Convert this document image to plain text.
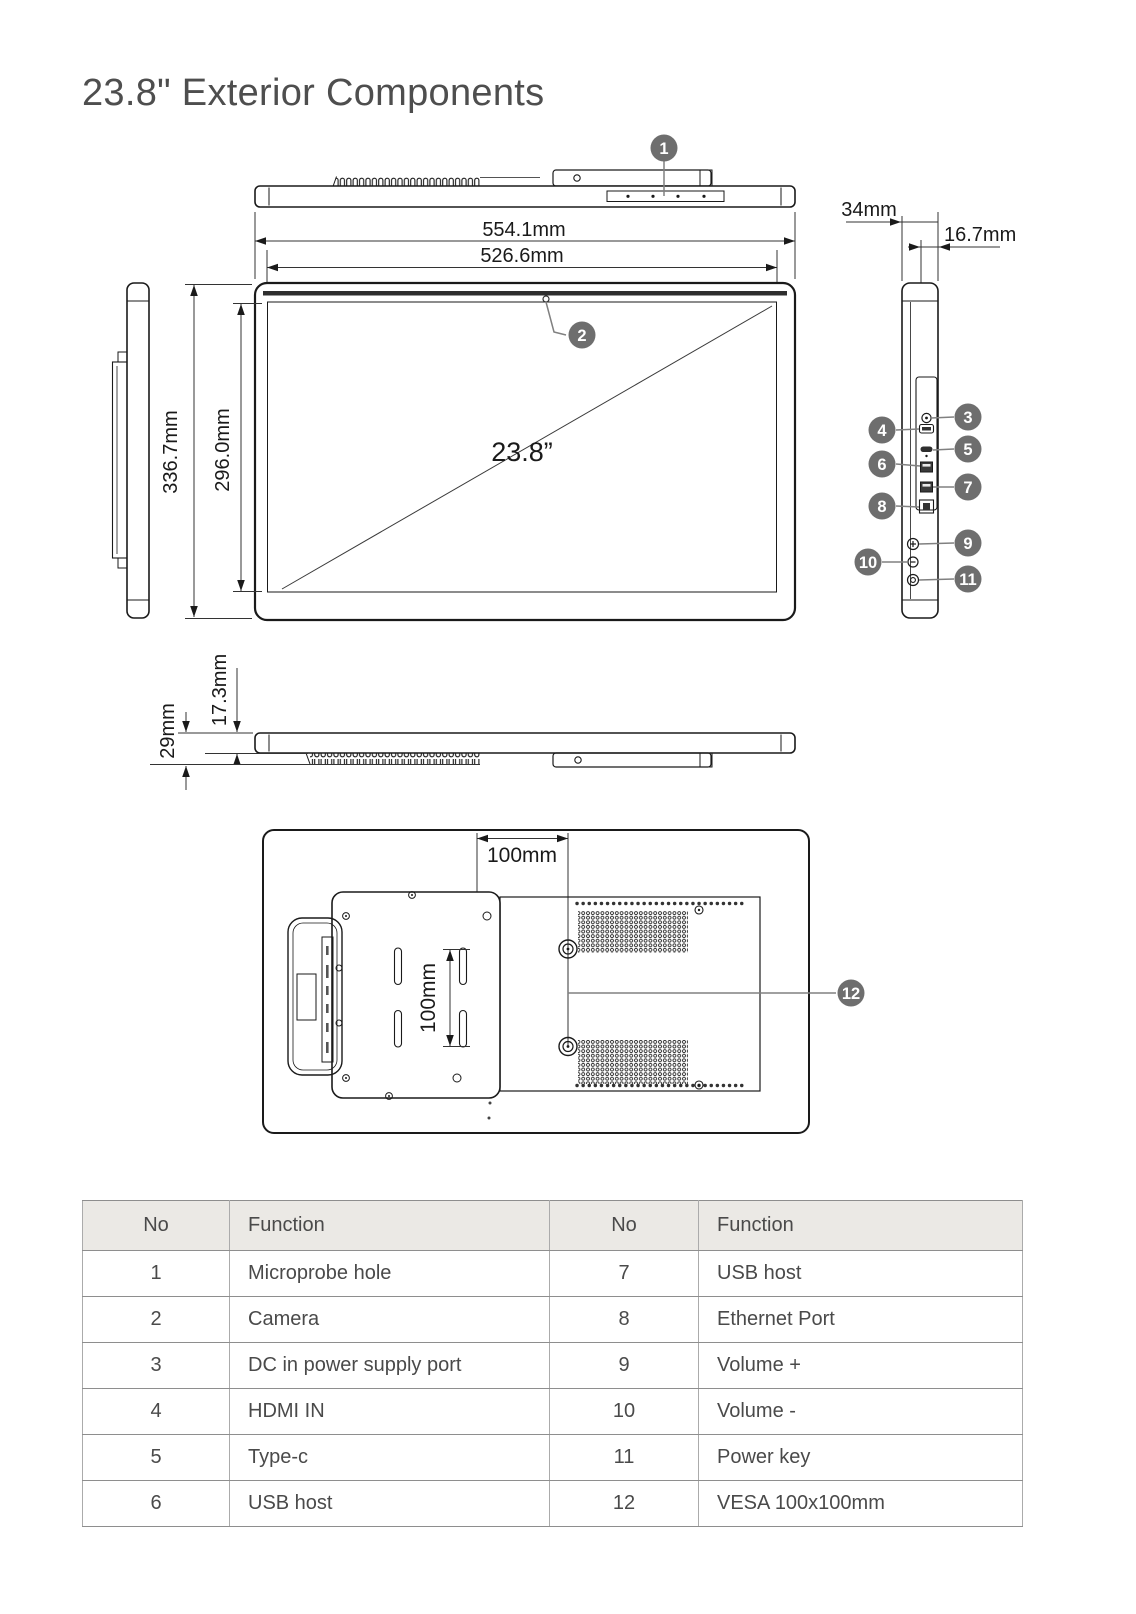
23.8" Exterior Components
1
554.1mm
526.6mm
23.8”
2
336.7mm 296.0mm
34mm
16.7mm
3
4
5
6
7
8
9
10
11
17.3mm
29mm
100mm
100mm	12
No	Function	No	Function
1	Microprobe hole	7	USB host
2	Camera	8	Ethernet Port
3	DC in power supply port	9	Volume +
4	HDMI IN	10	Volume -
5	Type-c	11	Power key
6	USB host	12	VESA 100x100mm
